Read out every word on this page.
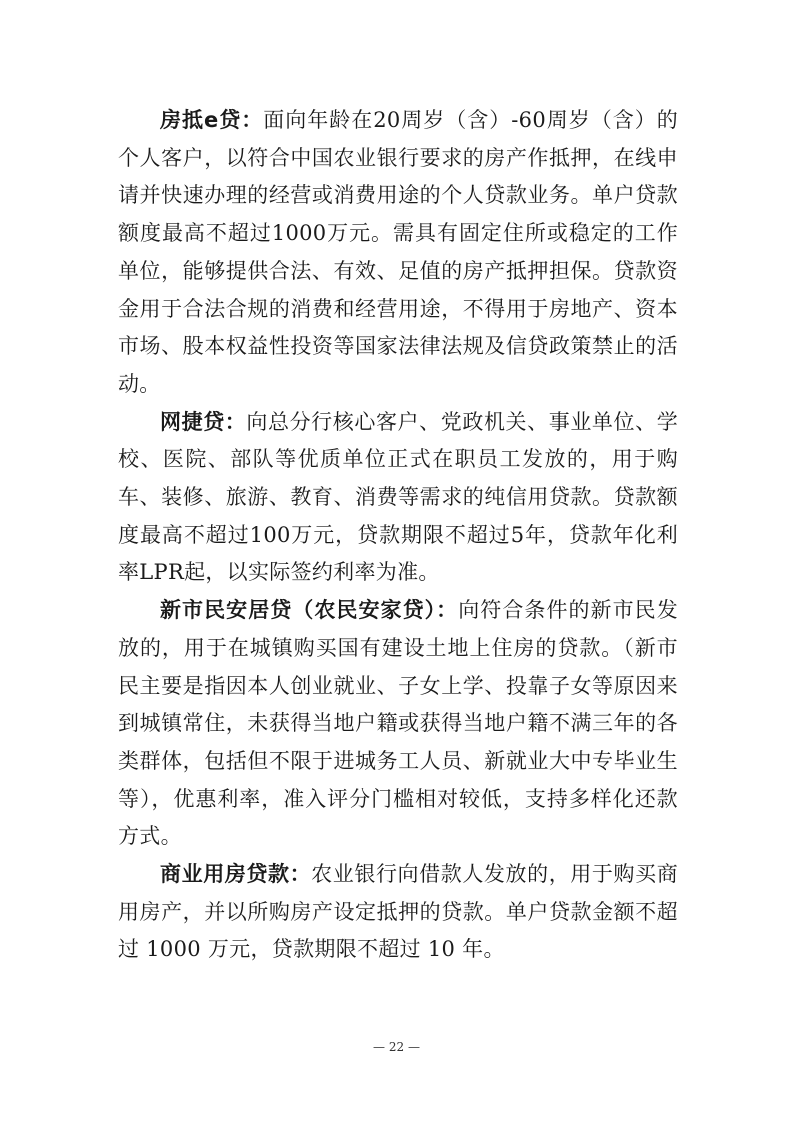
房抵e贷：面向年龄在20周岁（含）-60周岁（含）的个人客户，以符合中国农业银行要求的房产作抵押，在线申请并快速办理的经营或消费用途的个人贷款业务。单户贷款额度最高不超过1000万元。需具有固定住所或稳定的工作单位，能够提供合法、有效、足值的房产抵押担保。贷款资金用于合法合规的消费和经营用途，不得用于房地产、资本市场、股本权益性投资等国家法律法规及信贷政策禁止的活动。

网捷贷：向总分行核心客户、党政机关、事业单位、学校、医院、部队等优质单位正式在职员工发放的，用于购车、装修、旅游、教育、消费等需求的纯信用贷款。贷款额度最高不超过100万元，贷款期限不超过5年，贷款年化利率LPR起，以实际签约利率为准。

新市民安居贷（农民安家贷）：向符合条件的新市民发放的，用于在城镇购买国有建设土地上住房的贷款。（新市民主要是指因本人创业就业、子女上学、投靠子女等原因来到城镇常住，未获得当地户籍或获得当地户籍不满三年的各类群体，包括但不限于进城务工人员、新就业大中专毕业生等），优惠利率，准入评分门槛相对较低，支持多样化还款方式。

商业用房贷款：农业银行向借款人发放的，用于购买商用房产，并以所购房产设定抵押的贷款。单户贷款金额不超过 1000 万元，贷款期限不超过 10 年。

— 22 —
